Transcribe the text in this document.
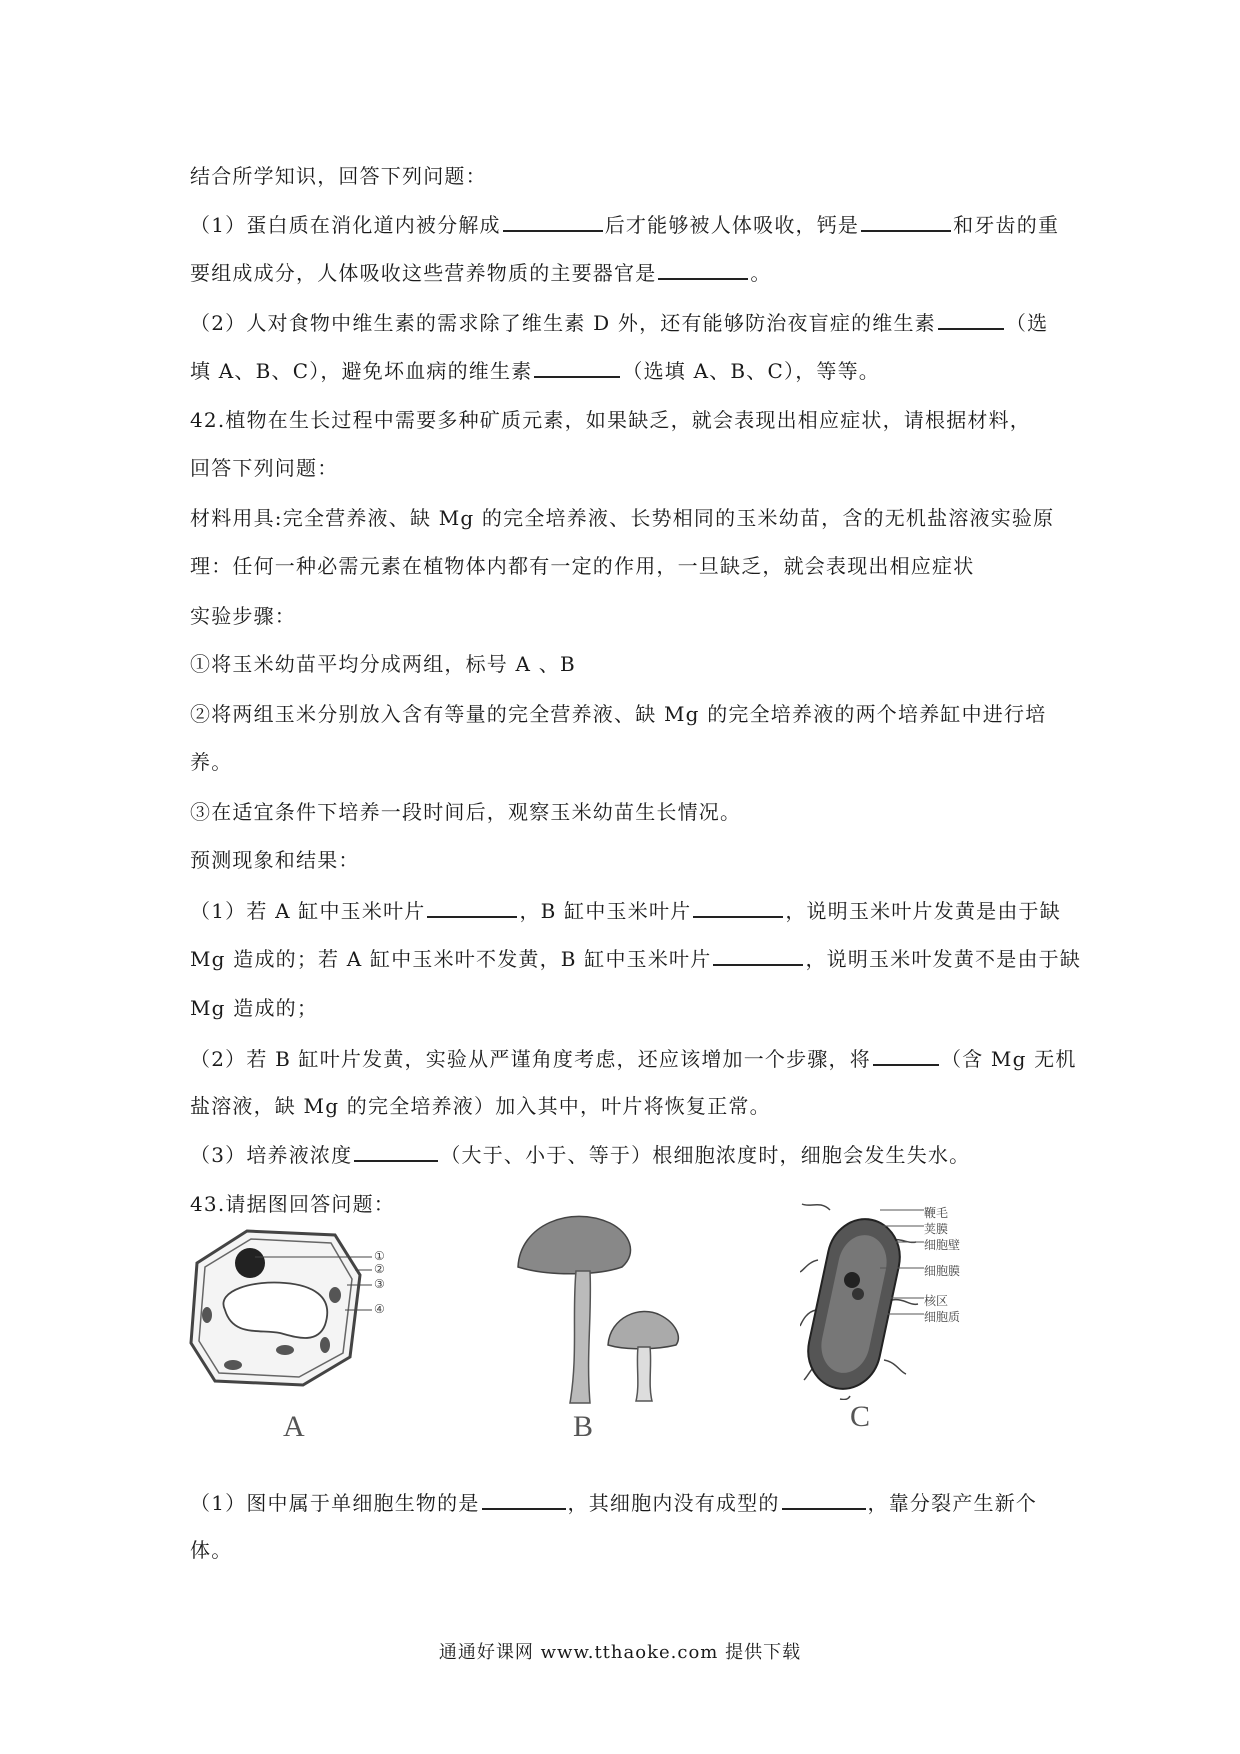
结合所学知识，回答下列问题：
（1）蛋白质在消化道内被分解成	后才能够被人体吸收，钙是	和牙齿的重
要组成成分，人体吸收这些营养物质的主要器官是	。
（2）人对食物中维生素的需求除了维生素 D 外，还有能够防治夜盲症的维生素	（选
填 A、B、C），避免坏血病的维生素	（选填 A、B、C），等等。
42.植物在生长过程中需要多种矿质元素，如果缺乏，就会表现出相应症状，请根据材料，
回答下列问题：
材料用具:完全营养液、缺 Mg 的完全培养液、长势相同的玉米幼苗，含的无机盐溶液实验原
理：任何一种必需元素在植物体内都有一定的作用，一旦缺乏，就会表现出相应症状
实验步骤：
①将玉米幼苗平均分成两组，标号 A 、B
②将两组玉米分别放入含有等量的完全营养液、缺 Mg 的完全培养液的两个培养缸中进行培
养。
③在适宜条件下培养一段时间后，观察玉米幼苗生长情况。
预测现象和结果：
（1）若 A 缸中玉米叶片	，B 缸中玉米叶片	，说明玉米叶片发黄是由于缺
Mg 造成的；若 A 缸中玉米叶不发黄，B 缸中玉米叶片	，说明玉米叶发黄不是由于缺
Mg 造成的；
（2）若 B 缸叶片发黄，实验从严谨角度考虑，还应该增加一个步骤，将	（含 Mg 无机
盐溶液，缺 Mg 的完全培养液）加入其中，叶片将恢复正常。
（3）培养液浓度	（大于、小于、等于）根细胞浓度时，细胞会发生失水。
43.请据图回答问题：
（1）图中属于单细胞生物的是	，其细胞内没有成型的	，靠分裂产生新个
体。
①
②
③
④
A	B
鞭毛
荚膜
细胞壁
细胞膜
核区
细胞质
C
通通好课网 www.tthaoke.com 提供下载
